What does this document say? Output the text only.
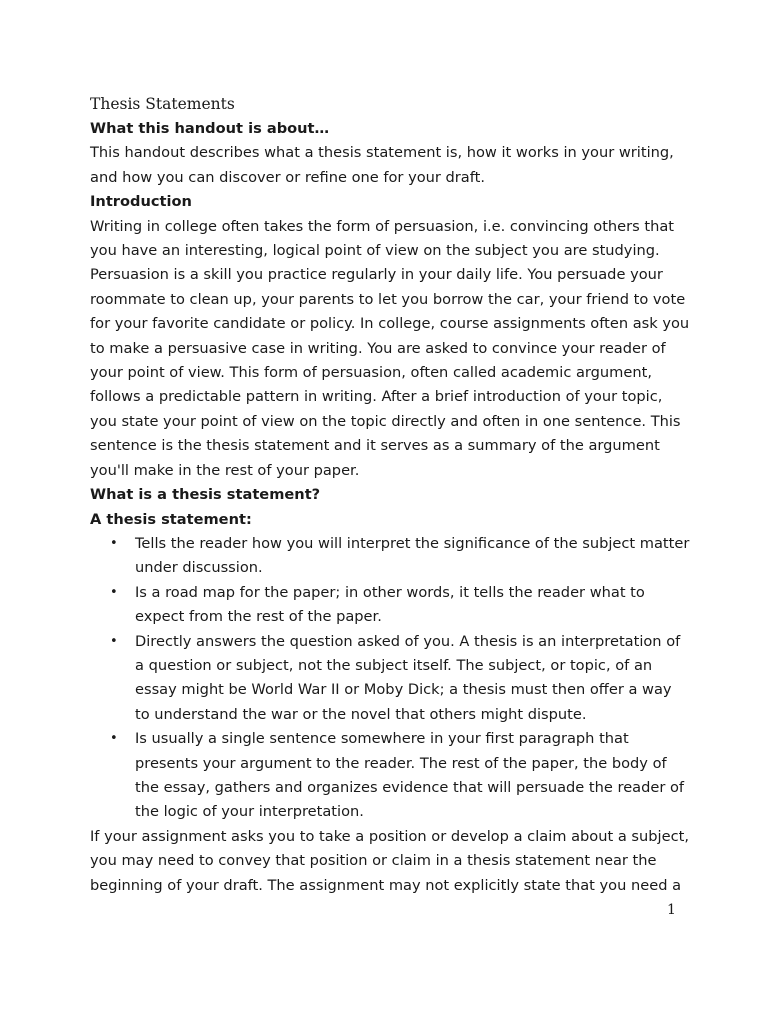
Thesis Statements

What this handout is about…

This handout describes what a thesis statement is, how it works in your writing, and how you can discover or refine one for your draft.

Introduction

Writing in college often takes the form of persuasion, i.e. convincing others that you have an interesting, logical point of view on the subject you are studying. Persuasion is a skill you practice regularly in your daily life. You persuade your roommate to clean up, your parents to let you borrow the car, your friend to vote for your favorite candidate or policy. In college, course assignments often ask you to make a persuasive case in writing. You are asked to convince your reader of your point of view. This form of persuasion, often called academic argument, follows a predictable pattern in writing. After a brief introduction of your topic, you state your point of view on the topic directly and often in one sentence. This sentence is the thesis statement and it serves as a summary of the argument you'll make in the rest of your paper.

What is a thesis statement?

A thesis statement:

• Tells the reader how you will interpret the significance of the subject matter under discussion.
• Is a road map for the paper; in other words, it tells the reader what to expect from the rest of the paper.
• Directly answers the question asked of you. A thesis is an interpretation of a question or subject, not the subject itself. The subject, or topic, of an essay might be World War II or Moby Dick; a thesis must then offer a way to understand the war or the novel that others might dispute.
• Is usually a single sentence somewhere in your first paragraph that presents your argument to the reader. The rest of the paper, the body of the essay, gathers and organizes evidence that will persuade the reader of the logic of your interpretation.

If your assignment asks you to take a position or develop a claim about a subject, you may need to convey that position or claim in a thesis statement near the beginning of your draft. The assignment may not explicitly state that you need a

1
